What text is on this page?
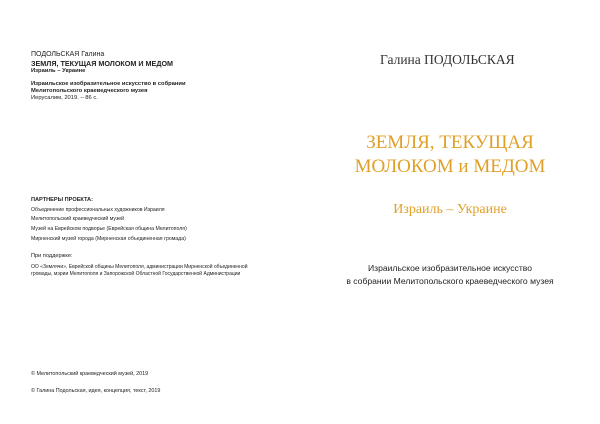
ПОДОЛЬСКАЯ Галина
ЗЕМЛЯ, ТЕКУЩАЯ МОЛОКОМ И МЕДОМ
Израиль – Украине
Израильское изобразительное искусство в собрании
Мелитопольского краеведческого музея
Иерусалим, 2019. – 86 с.
ПАРТНЕРЫ ПРОЕКТА:
Объединение профессиональных художников Израиля
Мелитопольский краеведческий музей
Музей на Еврейском подворье (Еврейская община Мелитополя)
Мирненский музей города (Мирненская объединенная громада)
При поддержке:
ОО «Землячи», Еврейской общины Мелитополя, администрации Мирненской объединенной
громады, мэрии Мелитополя и Запорожской Областной Государственной Администрации
© Мелитопольский краеведческий музей, 2019
© Галина Подольская, идея, концепция, текст, 2019
Галина ПОДОЛЬСКАЯ
ЗЕМЛЯ, ТЕКУЩАЯ
МОЛОКОМ и МЕДОМ
Израиль – Украине
Израильское изобразительное искусство
в собрании Мелитопольского краеведческого музея
